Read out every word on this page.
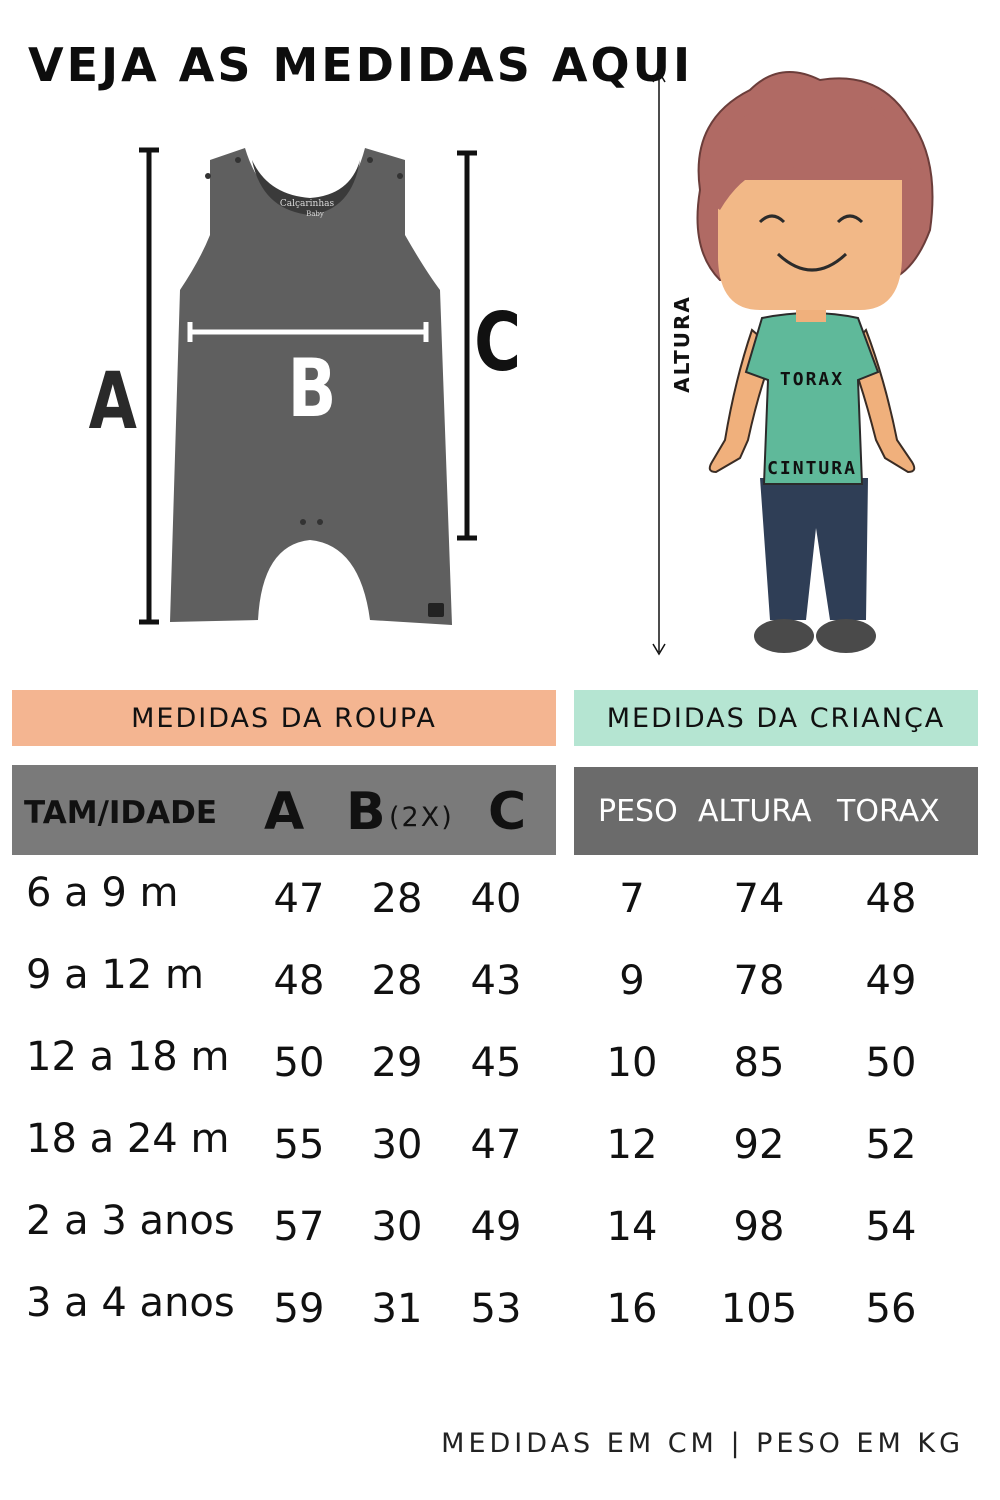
VEJA AS MEDIDAS AQUI
Calçarinhas
Baby
A B C	ALTURA	TORAX
CINTURA
MEDIDAS DA ROUPA	MEDIDAS DA CRIANÇA
TAM/IDADE A B (2X) C PESO ALTURA TORAX
6 a 9 m	47	28	40	7	74	48
9 a 12 m	48	28	43	9	78	49
12 a 18 m	50	29	45	10	85	50
18 a 24 m	55	30	47	12	92	52
2 a 3 anos 57	30	49	14	98	54
3 a 4 anos 59	31	53	16	105	56
MEDIDAS EM CM | PESO EM KG
